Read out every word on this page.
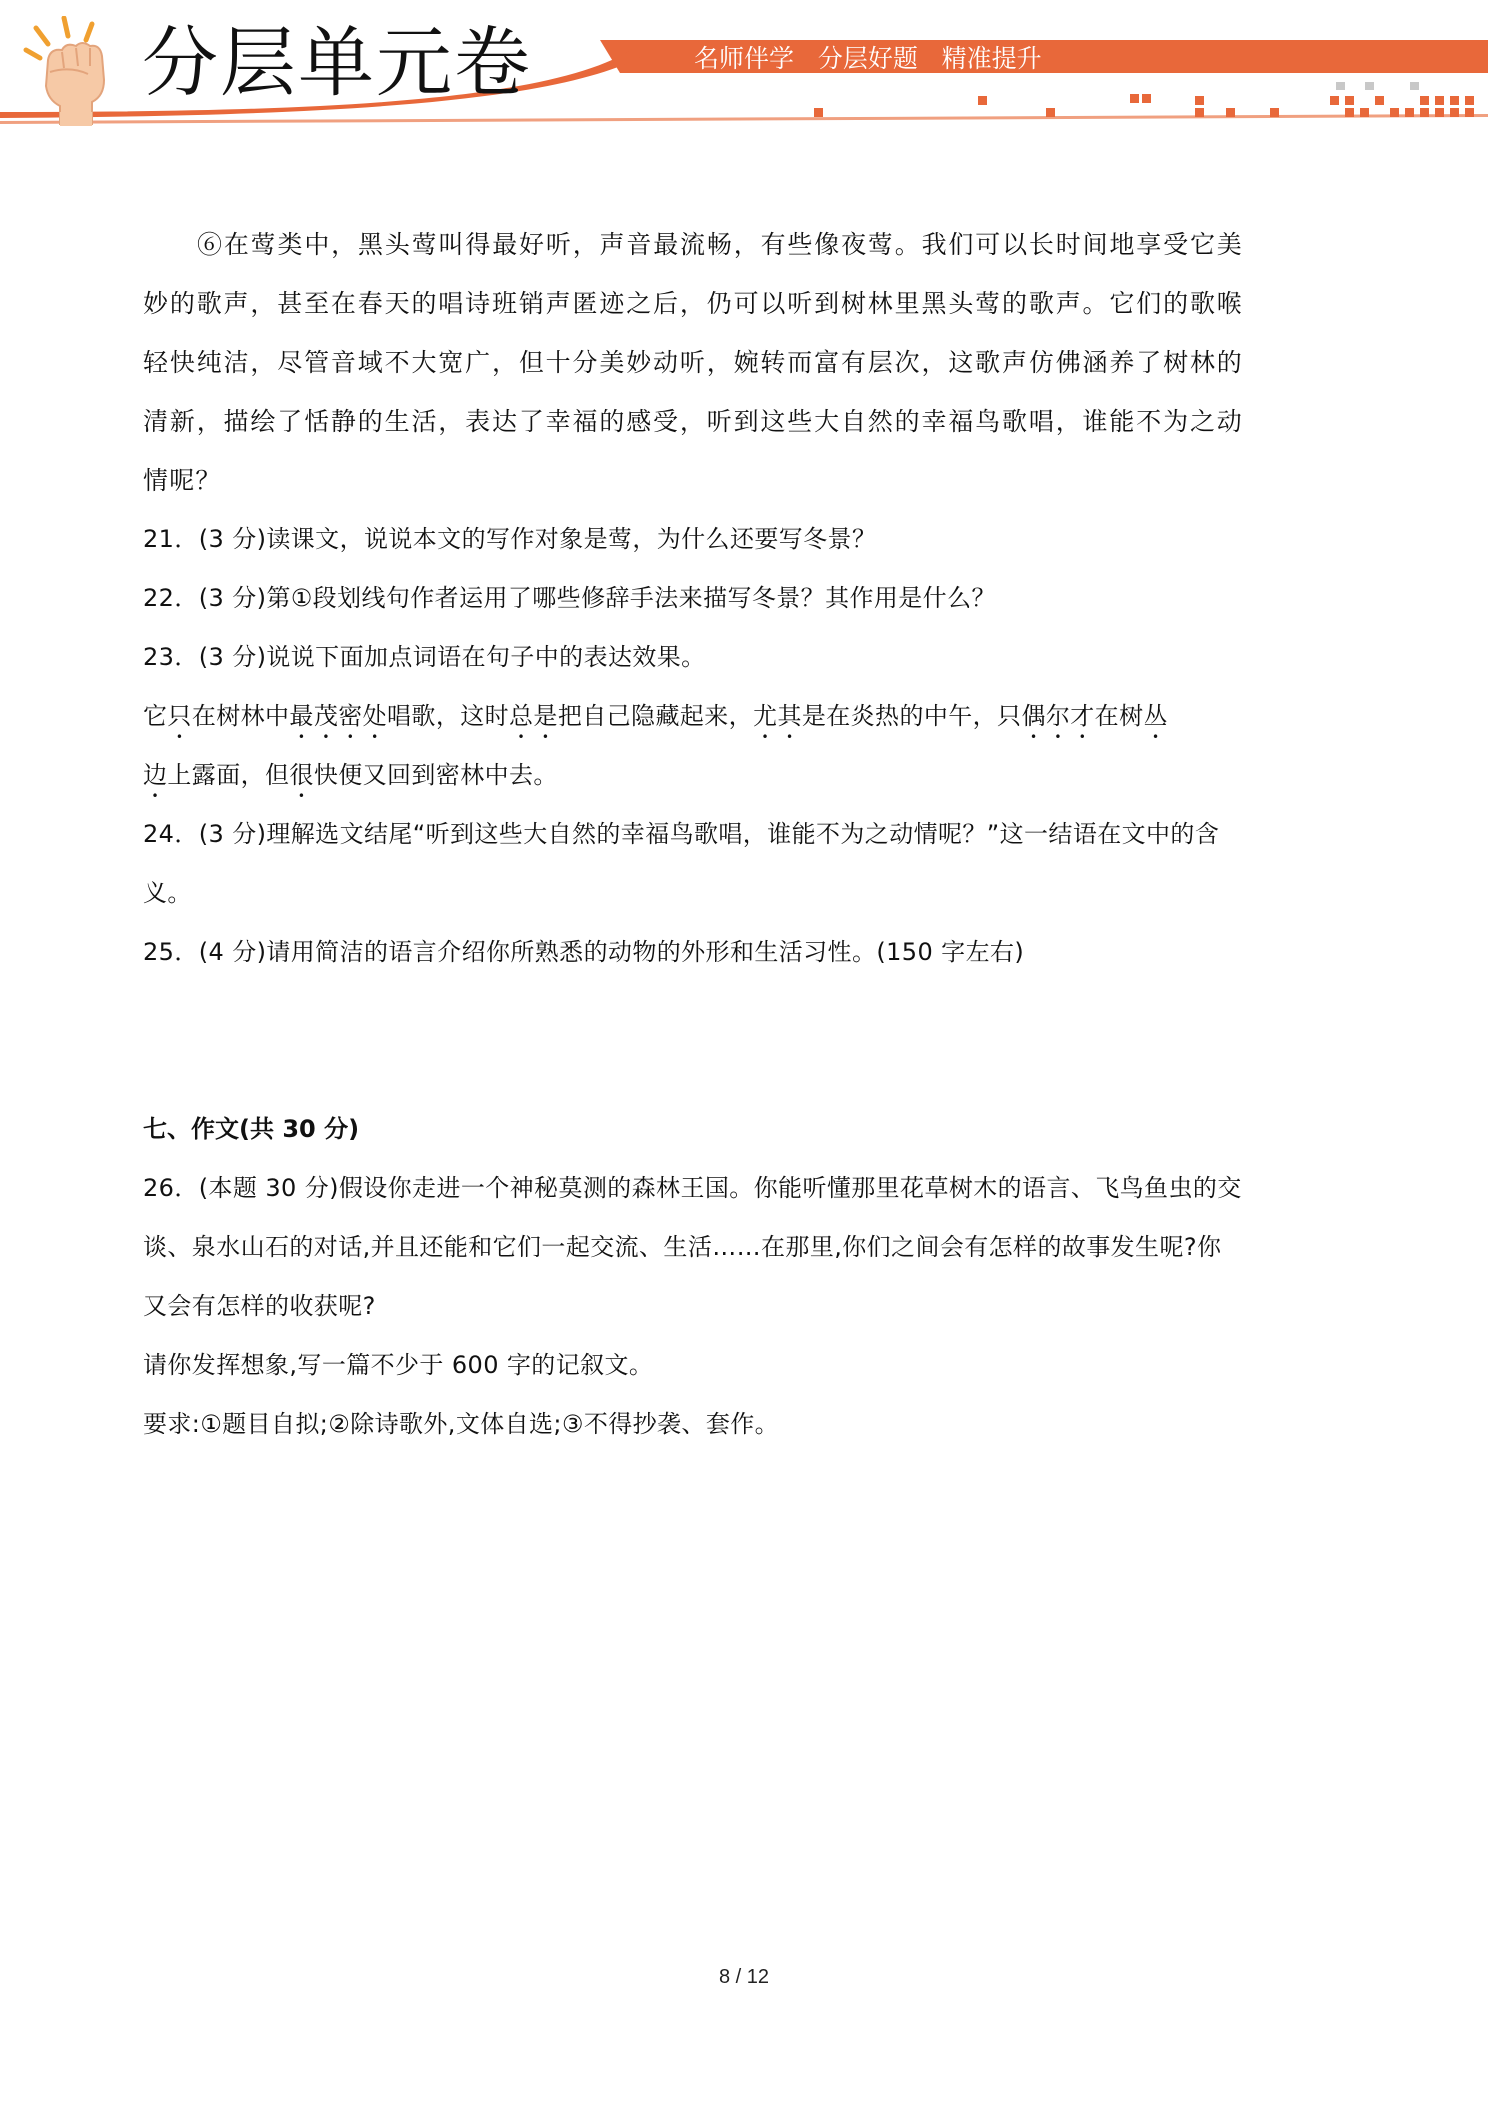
分层单元卷	名师伴学   分层好题   精准提升

⑥在莺类中，黑头莺叫得最好听，声音最流畅，有些像夜莺。我们可以长时间地享受它美妙的歌声，甚至在春天的唱诗班销声匿迹之后，仍可以听到树林里黑头莺的歌声。它们的歌喉轻快纯洁，尽管音域不大宽广，但十分美妙动听，婉转而富有层次，这歌声仿佛涵养了树林的清新，描绘了恬静的生活，表达了幸福的感受，听到这些大自然的幸福鸟歌唱，谁能不为之动情呢？

21．(3 分)读课文，说说本文的写作对象是莺，为什么还要写冬景？

22．(3 分)第①段划线句作者运用了哪些修辞手法来描写冬景？其作用是什么？

23．(3 分)说说下面加点词语在句子中的表达效果。

它只在树林中最茂密处唱歌，这时总是把自己隐藏起来，尤其是在炎热的中午，只偶尔才在树丛
边上露面，但很快便又回到密林中去。

24．(3 分)理解选文结尾“听到这些大自然的幸福鸟歌唱，谁能不为之动情呢？”这一结语在文中的含义。

25．(4 分)请用简洁的语言介绍你所熟悉的动物的外形和生活习性。(150 字左右)

七、作文(共 30 分)

26．(本题 30 分)假设你走进一个神秘莫测的森林王国。你能听懂那里花草树木的语言、飞鸟鱼虫的交谈、泉水山石的对话,并且还能和它们一起交流、生活……在那里,你们之间会有怎样的故事发生呢?你又会有怎样的收获呢?

请你发挥想象,写一篇不少于 600 字的记叙文。

要求:①题目自拟;②除诗歌外,文体自选;③不得抄袭、套作。

8 / 12
